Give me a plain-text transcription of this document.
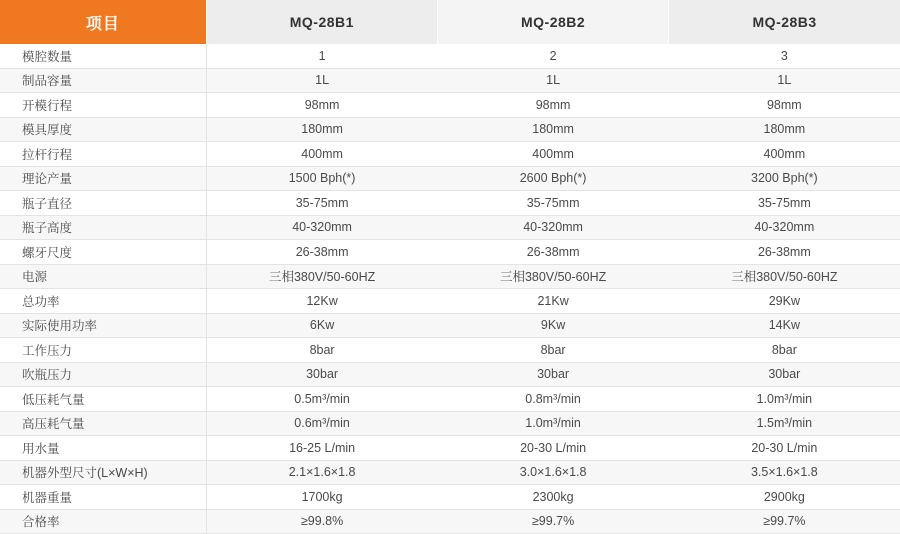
项目	MQ-28B1	MQ-28B2	MQ-28B3
模腔数量	1	2	3
制品容量	1L	1L	1L
开模行程	98mm	98mm	98mm
模具厚度	180mm	180mm	180mm
拉杆行程	400mm	400mm	400mm
理论产量	1500 Bph(*)	2600 Bph(*)	3200 Bph(*)
瓶子直径	35-75mm	35-75mm	35-75mm
瓶子高度	40-320mm	40-320mm	40-320mm
螺牙尺度	26-38mm	26-38mm	26-38mm
电源	三相380V/50-60HZ	三相380V/50-60HZ	三相380V/50-60HZ
总功率	12Kw	21Kw	29Kw
实际使用功率	6Kw	9Kw	14Kw
工作压力	8bar	8bar	8bar
吹瓶压力	30bar	30bar	30bar
低压耗气量	0.5m³/min	0.8m³/min	1.0m³/min
高压耗气量	0.6m³/min	1.0m³/min	1.5m³/min
用水量	16-25 L/min	20-30 L/min	20-30 L/min
机器外型尺寸(L×W×H)	2.1×1.6×1.8	3.0×1.6×1.8	3.5×1.6×1.8
机器重量	1700kg	2300kg	2900kg
合格率	≥99.8%	≥99.7%	≥99.7%
